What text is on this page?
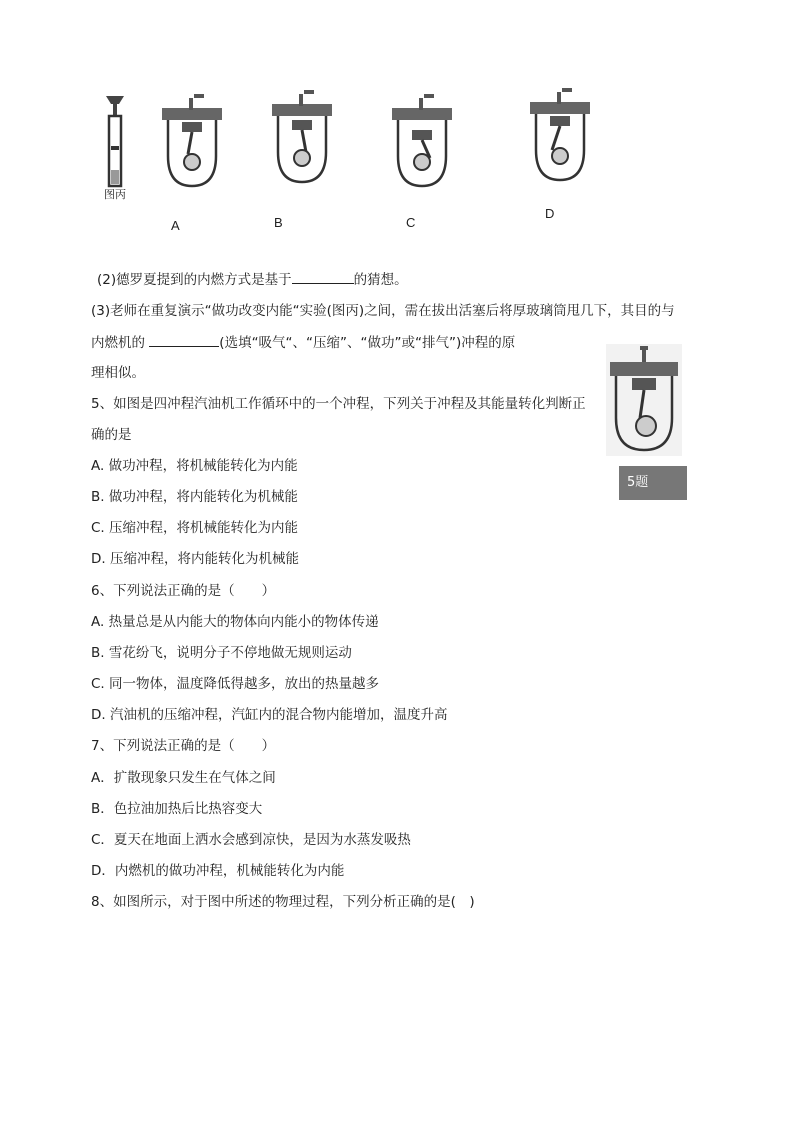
图丙
A	B	C
D
(2)德罗夏提到的内燃方式是基于	的猜想。
(3)老师在重复演示“做功改变内能“实验(图丙)之间，需在拔出活塞后将厚玻璃筒甩几下，其目的与
内燃机的	(选填“吸气“、“压缩”、“做功”或“排气”)冲程的原
理相似。
5题
5、如图是四冲程汽油机工作循环中的一个冲程，下列关于冲程及其能量转化判断正
确的是
A. 做功冲程，将机械能转化为内能
B. 做功冲程，将内能转化为机械能
C. 压缩冲程，将机械能转化为内能
D. 压缩冲程，将内能转化为机械能
6、下列说法正确的是（　　）
A. 热量总是从内能大的物体向内能小的物体传递
B. 雪花纷飞，说明分子不停地做无规则运动
C. 同一物体，温度降低得越多，放出的热量越多
D. 汽油机的压缩冲程，汽缸内的混合物内能增加，温度升高
7、下列说法正确的是（　　）
A．扩散现象只发生在气体之间
B．色拉油加热后比热容变大
C．夏天在地面上洒水会感到凉快，是因为水蒸发吸热
D．内燃机的做功冲程，机械能转化为内能
8、如图所示，对于图中所述的物理过程，下列分析正确的是(　)
